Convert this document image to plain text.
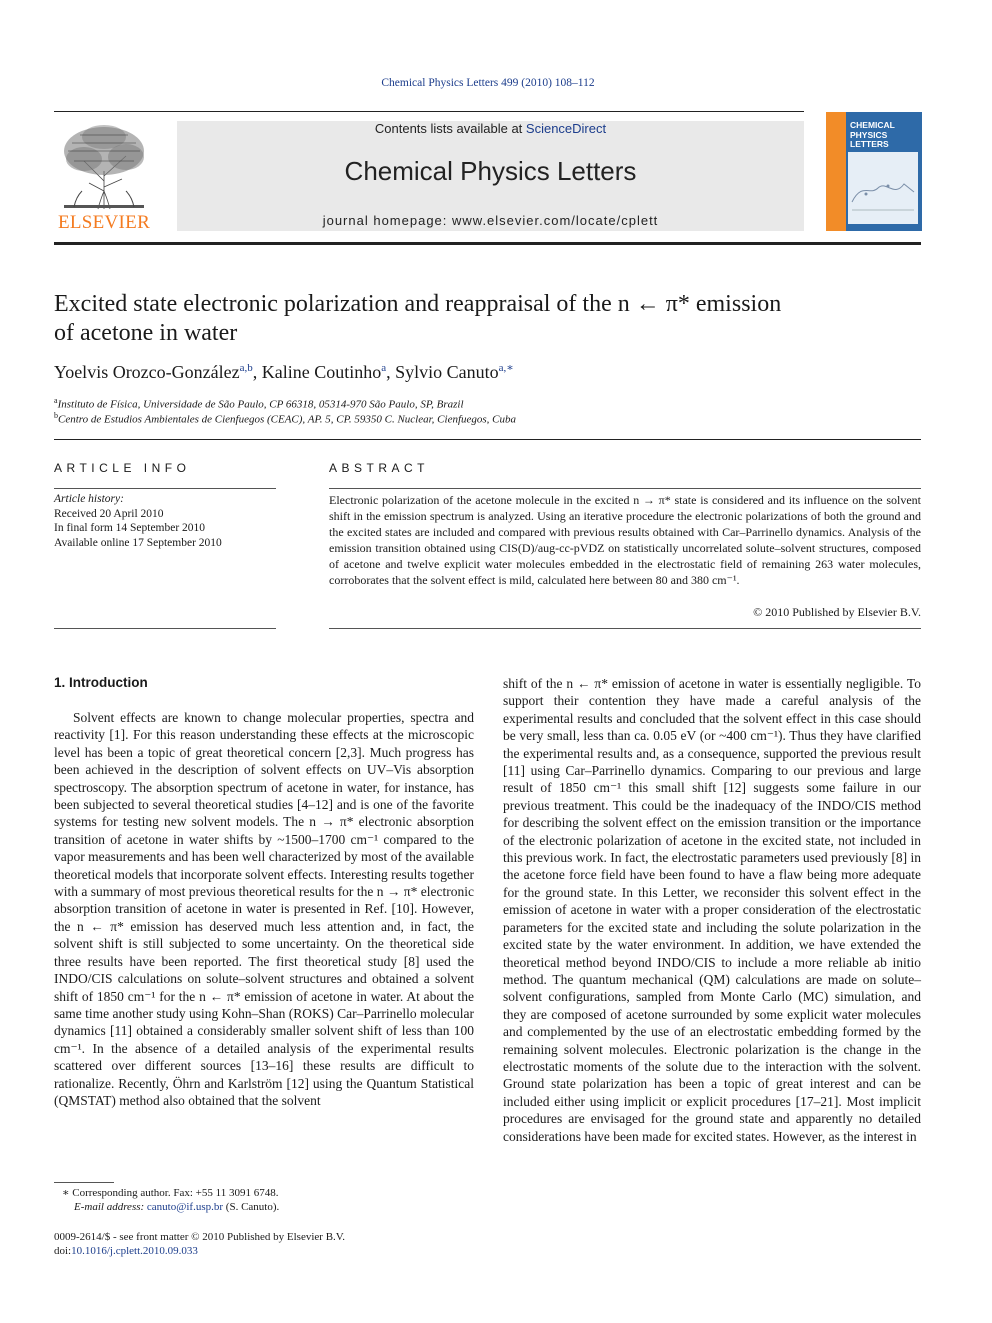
Chemical Physics Letters 499 (2010) 108–112
ELSEVIER
Contents lists available at ScienceDirect
Chemical Physics Letters
journal homepage: www.elsevier.com/locate/cplett
CHEMICAL
PHYSICS
LETTERS
Excited state electronic polarization and reappraisal of the n ← π* emission
of acetone in water
Yoelvis Orozco-González$^{a,b}$, Kaline Coutinho$^a$, Sylvio Canuto$^{a,∗}$
$^a$Instituto de Física, Universidade de São Paulo, CP 66318, 05314-970 São Paulo, SP, Brazil
$^b$Centro de Estudios Ambientales de Cienfuegos (CEAC), AP. 5, CP. 59350 C. Nuclear, Cienfuegos, Cuba
ARTICLE INFO
Article history:
Received 20 April 2010
In final form 14 September 2010
Available online 17 September 2010
ABSTRACT
Electronic polarization of the acetone molecule in the excited n → π* state is considered and its influence on the solvent shift in the emission spectrum is analyzed. Using an iterative procedure the electronic polarizations of both the ground and the excited states are included and compared with previous results obtained with Car–Parrinello dynamics. Analysis of the emission transition obtained using CIS(D)/aug-cc-pVDZ on statistically uncorrelated solute–solvent structures, composed of acetone and twelve explicit water molecules embedded in the electrostatic field of remaining 263 water molecules, corroborates that the solvent effect is mild, calculated here between 80 and 380 cm⁻¹.
© 2010 Published by Elsevier B.V.
1. Introduction

Solvent effects are known to change molecular properties, spectra and reactivity [1]. For this reason understanding these effects at the microscopic level has been a topic of great theoretical concern [2,3]. Much progress has been achieved in the description of solvent effects on UV–Vis absorption spectroscopy. The absorption spectrum of acetone in water, for instance, has been subjected to several theoretical studies [4–12] and is one of the favorite systems for testing new solvent models. The n → π* electronic absorption transition of acetone in water shifts by ~1500–1700 cm⁻¹ compared to the vapor measurements and has been well characterized by most of the available theoretical models that incorporate solvent effects. Interesting results together with a summary of most previous theoretical results for the n → π* electronic absorption transition of acetone in water is presented in Ref. [10]. However, the n ← π* emission has deserved much less attention and, in fact, the solvent shift is still subjected to some uncertainty. On the theoretical side three results have been reported. The first theoretical study [8] used the INDO/CIS calculations on solute–solvent structures and obtained a solvent shift of 1850 cm⁻¹ for the n ← π* emission of acetone in water. At about the same time another study using Kohn–Shan (ROKS) Car–Parrinello molecular dynamics [11] obtained a considerably smaller solvent shift of less than 100 cm⁻¹. In the absence of a detailed analysis of the experimental results scattered over different sources [13–16] these results are difficult to rationalize. Recently, Öhrn and Karlström [12] using the Quantum Statistical (QMSTAT) method also obtained that the solvent

shift of the n ← π* emission of acetone in water is essentially negligible. To support their contention they have made a careful analysis of the experimental results and concluded that the solvent effect in this case should be very small, less than ca. 0.05 eV (or ~400 cm⁻¹). Thus they have clarified the experimental results and, as a consequence, supported the previous result [11] using Car–Parrinello dynamics. Comparing to our previous and large result of 1850 cm⁻¹ this small shift [12] suggests some failure in our previous treatment. This could be the inadequacy of the INDO/CIS method for describing the solvent effect on the emission transition or the importance of the electronic polarization of acetone in the excited state, not included in this previous work. In fact, the electrostatic parameters used previously [8] in the acetone force field have been found to have a flaw being more adequate for the ground state. In this Letter, we reconsider this solvent effect in the emission of acetone in water with a proper consideration of the electrostatic parameters for the excited state and including the solute polarization in the excited state by the water environment. In addition, we have extended the theoretical method beyond INDO/CIS to include a more reliable ab initio method. The quantum mechanical (QM) calculations are made on solute–solvent configurations, sampled from Monte Carlo (MC) simulation, and they are composed of acetone surrounded by some explicit water molecules and complemented by the use of an electrostatic embedding formed by the remaining solvent molecules. Electronic polarization is the change in the electrostatic moments of the solute due to the interaction with the solvent. Ground state polarization has been a topic of great interest and can be included either using implicit or explicit procedures [17–21]. Most implicit procedures are envisaged for the ground state and apparently no detailed considerations have been made for excited states. However, as the interest in

∗ Corresponding author. Fax: +55 11 3091 6748.
E-mail address: canuto@if.usp.br (S. Canuto).
0009-2614/$ - see front matter © 2010 Published by Elsevier B.V.
doi:10.1016/j.cplett.2010.09.033
